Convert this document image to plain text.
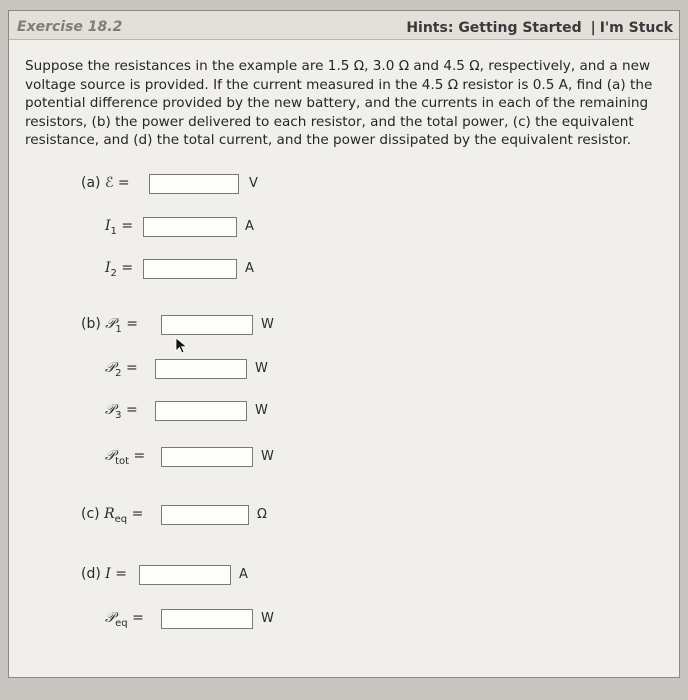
Exercise 18.2	Hints: Getting Started | I'm Stuck
Suppose the resistances in the example are 1.5 Ω, 3.0 Ω and 4.5 Ω, respectively, and a new voltage source is provided. If the current measured in the 4.5 Ω resistor is 0.5 A, find (a) the potential difference provided by the new battery, and the currents in each of the remaining resistors, (b) the power delivered to each resistor, and the total power, (c) the equivalent resistance, and (d) the total current, and the power dissipated by the equivalent resistor.
(a) ℰ =	V
$I_1$ =	A
$I_2$ =	A
(b) 𝒫$_1$ =	W
𝒫$_2$ =	W
𝒫$_3$ =	W
𝒫$_{tot}$ =	W
(c) $R_{eq}$ =	Ω
(d) I =	A
𝒫$_{eq}$ =	W
